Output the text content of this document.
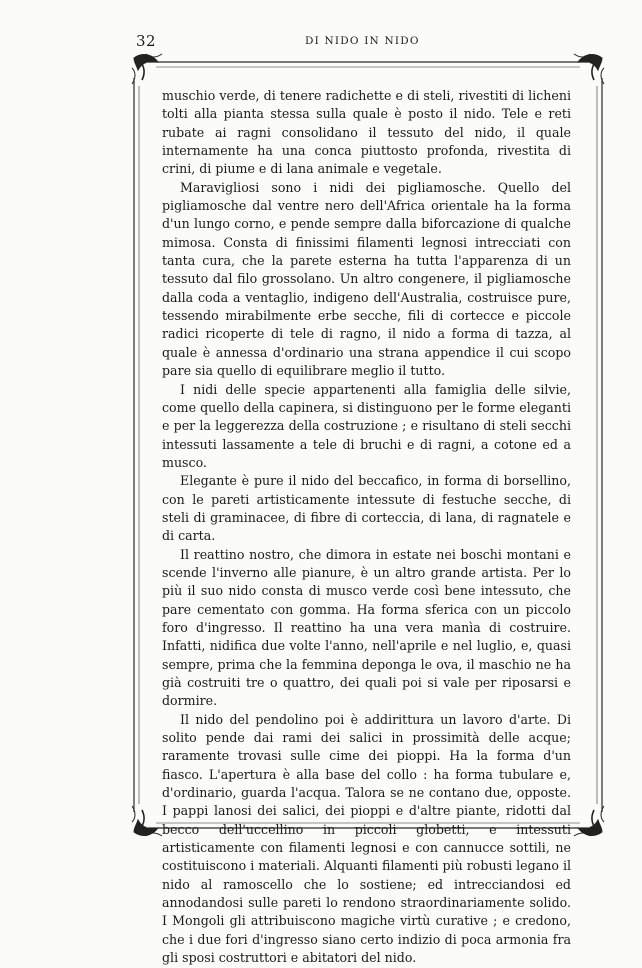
32	DI NIDO IN NIDO

muschio verde, di tenere radichette e di steli, rivestiti di licheni tolti alla pianta stessa sulla quale è posto il nido. Tele e reti rubate ai ragni consolidano il tessuto del nido, il quale internamente ha una conca piuttosto profonda, rivestita di crini, di piume e di lana animale e vegetale.

Maravigliosi sono i nidi dei pigliamosche. Quello del pigliamosche dal ventre nero dell'Africa orientale ha la forma d'un lungo corno, e pende sempre dalla biforcazione di qualche mimosa. Consta di finissimi filamenti legnosi intrecciati con tanta cura, che la parete esterna ha tutta l'apparenza di un tessuto dal filo grossolano. Un altro congenere, il pigliamosche dalla coda a ventaglio, indigeno dell'Australia, costruisce pure, tessendo mirabilmente erbe secche, fili di cortecce e piccole radici ricoperte di tele di ragno, il nido a forma di tazza, al quale è annessa d'ordinario una strana appendice il cui scopo pare sia quello di equilibrare meglio il tutto.

I nidi delle specie appartenenti alla famiglia delle silvie, come quello della capinera, si distinguono per le forme eleganti e per la leggerezza della costruzione ; e risultano di steli secchi intessuti lassamente a tele di bruchi e di ragni, a cotone ed a musco.

Elegante è pure il nido del beccafico, in forma di borsellino, con le pareti artisticamente intessute di festuche secche, di steli di graminacee, di fibre di corteccia, di lana, di ragnatele e di carta.

Il reattino nostro, che dimora in estate nei boschi montani e scende l'inverno alle pianure, è un altro grande artista. Per lo più il suo nido consta di musco verde così bene intessuto, che pare cementato con gomma. Ha forma sferica con un piccolo foro d'ingresso. Il reattino ha una vera manìa di costruire. Infatti, nidifica due volte l'anno, nell'aprile e nel luglio, e, quasi sempre, prima che la femmina deponga le ova, il maschio ne ha già costruiti tre o quattro, dei quali poi si vale per riposarsi e dormire.

Il nido del pendolino poi è addirittura un lavoro d'arte. Di solito pende dai rami dei salici in prossimità delle acque; raramente trovasi sulle cime dei pioppi. Ha la forma d'un fiasco. L'apertura è alla base del collo : ha forma tubulare e, d'ordinario, guarda l'acqua. Talora se ne contano due, opposte. I pappi lanosi dei salici, dei pioppi e d'altre piante, ridotti dal becco dell'uccellino in piccoli globetti, e intessuti artisticamente con filamenti legnosi e con cannucce sottili, ne costituiscono i materiali. Alquanti filamenti più robusti legano il nido al ramoscello che lo sostiene; ed intrecciandosi ed annodandosi sulle pareti lo rendono straordinariamente solido. I Mongoli gli attribuiscono magiche virtù curative ; e credono, che i due fori d'ingresso siano certo indizio di poca armonia fra gli sposi costruttori e abitatori del nido.
